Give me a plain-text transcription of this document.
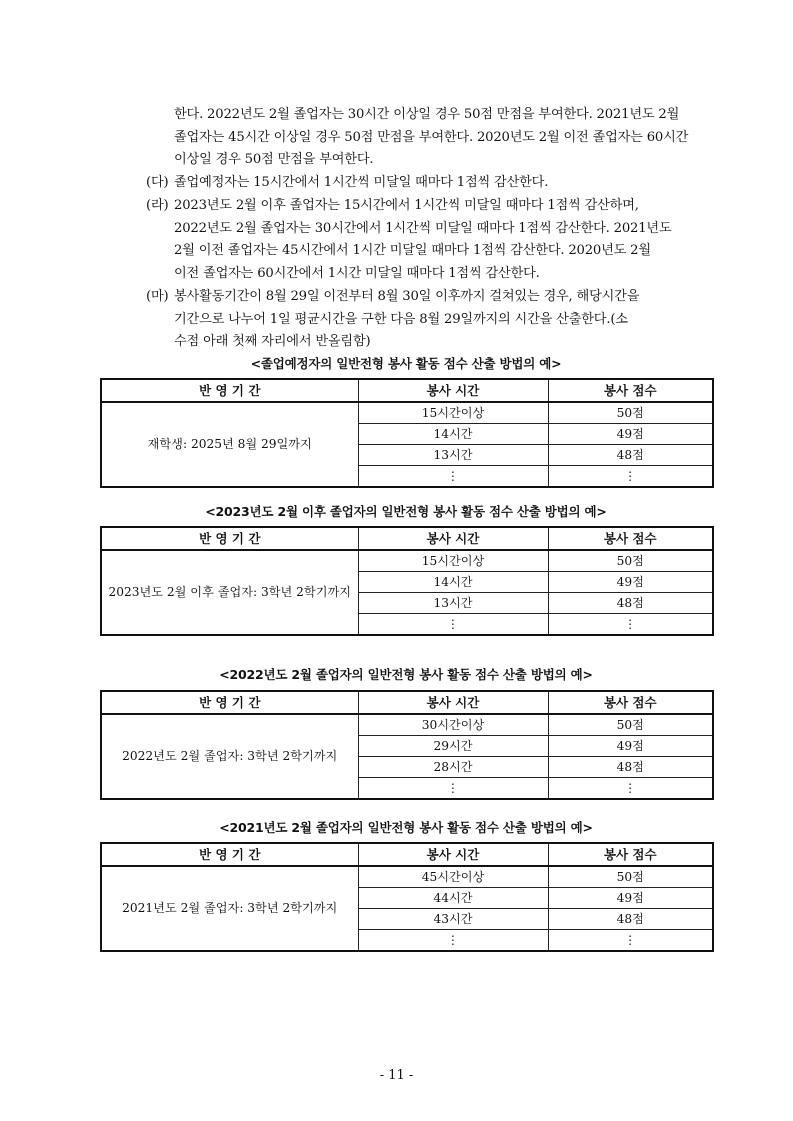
한다. 2022년도 2월 졸업자는 30시간 이상일 경우 50점 만점을 부여한다. 2021년도 2월
졸업자는 45시간 이상일 경우 50점 만점을 부여한다. 2020년도 2월 이전 졸업자는 60시간
이상일 경우 50점 만점을 부여한다.
(다) 졸업예정자는 15시간에서 1시간씩 미달일 때마다 1점씩 감산한다.
(라) 2023년도 2월 이후 졸업자는 15시간에서 1시간씩 미달일 때마다 1점씩 감산하며,
2022년도 2월 졸업자는 30시간에서 1시간씩 미달일 때마다 1점씩 감산한다. 2021년도
2월 이전 졸업자는 45시간에서 1시간 미달일 때마다 1점씩 감산한다. 2020년도 2월
이전 졸업자는 60시간에서 1시간 미달일 때마다 1점씩 감산한다.
(마) 봉사활동기간이 8월 29일 이전부터 8월 30일 이후까지 걸쳐있는 경우, 해당시간을
기간으로 나누어 1일 평균시간을 구한 다음 8월 29일까지의 시간을 산출한다.(소
수점 아래 첫째 자리에서 반올림함)
<졸업예정자의 일반전형 봉사 활동 점수 산출 방법의 예>
반 영 기 간	봉사 시간	봉사 점수
재학생: 2025년 8월 29일까지	15시간이상	50점
	14시간	49점
	13시간	48점
	⋮	⋮
<2023년도 2월 이후 졸업자의 일반전형 봉사 활동 점수 산출 방법의 예>
반 영 기 간	봉사 시간	봉사 점수
2023년도 2월 이후 졸업자: 3학년 2학기까지	15시간이상	50점
	14시간	49점
	13시간	48점
	⋮	⋮
<2022년도 2월 졸업자의 일반전형 봉사 활동 점수 산출 방법의 예>
반 영 기 간	봉사 시간	봉사 점수
2022년도 2월 졸업자: 3학년 2학기까지	30시간이상	50점
	29시간	49점
	28시간	48점
	⋮	⋮
<2021년도 2월 졸업자의 일반전형 봉사 활동 점수 산출 방법의 예>
반 영 기 간	봉사 시간	봉사 점수
2021년도 2월 졸업자: 3학년 2학기까지	45시간이상	50점
	44시간	49점
	43시간	48점
	⋮	⋮
- 11 -
